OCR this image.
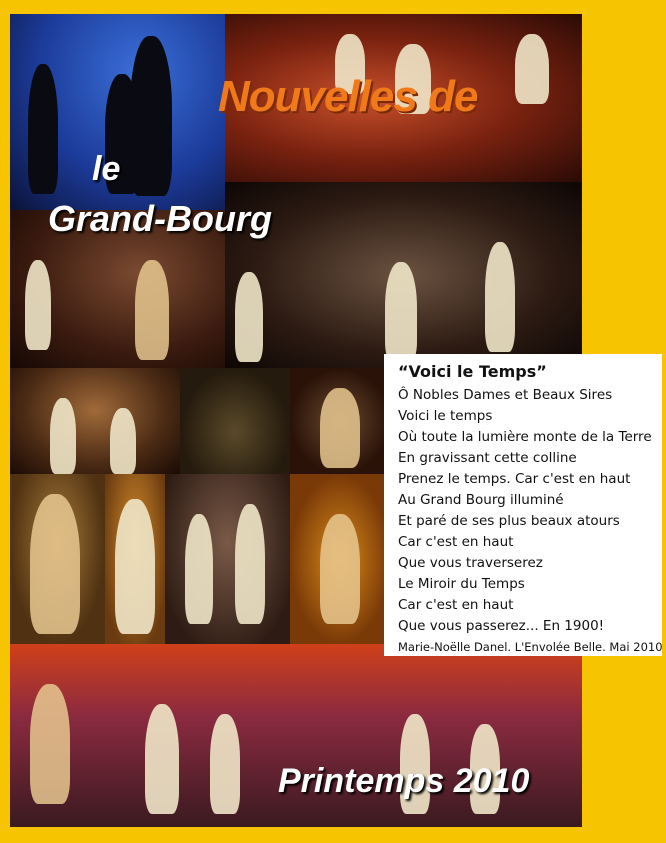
Nouvelles de
le
Grand-Bourg
Printemps 2010
“Voici le Temps”
Ô Nobles Dames et Beaux Sires
Voici le temps
Où toute la lumière monte de la Terre
En gravissant cette colline
Prenez le temps. Car c'est en haut
Au Grand Bourg illuminé
Et paré de ses plus beaux atours
Car c'est en haut
Que vous traverserez
Le Miroir du Temps
Car c'est en haut
Que vous passerez... En 1900!
Marie-Noëlle Danel. L'Envolée Belle. Mai 2010
